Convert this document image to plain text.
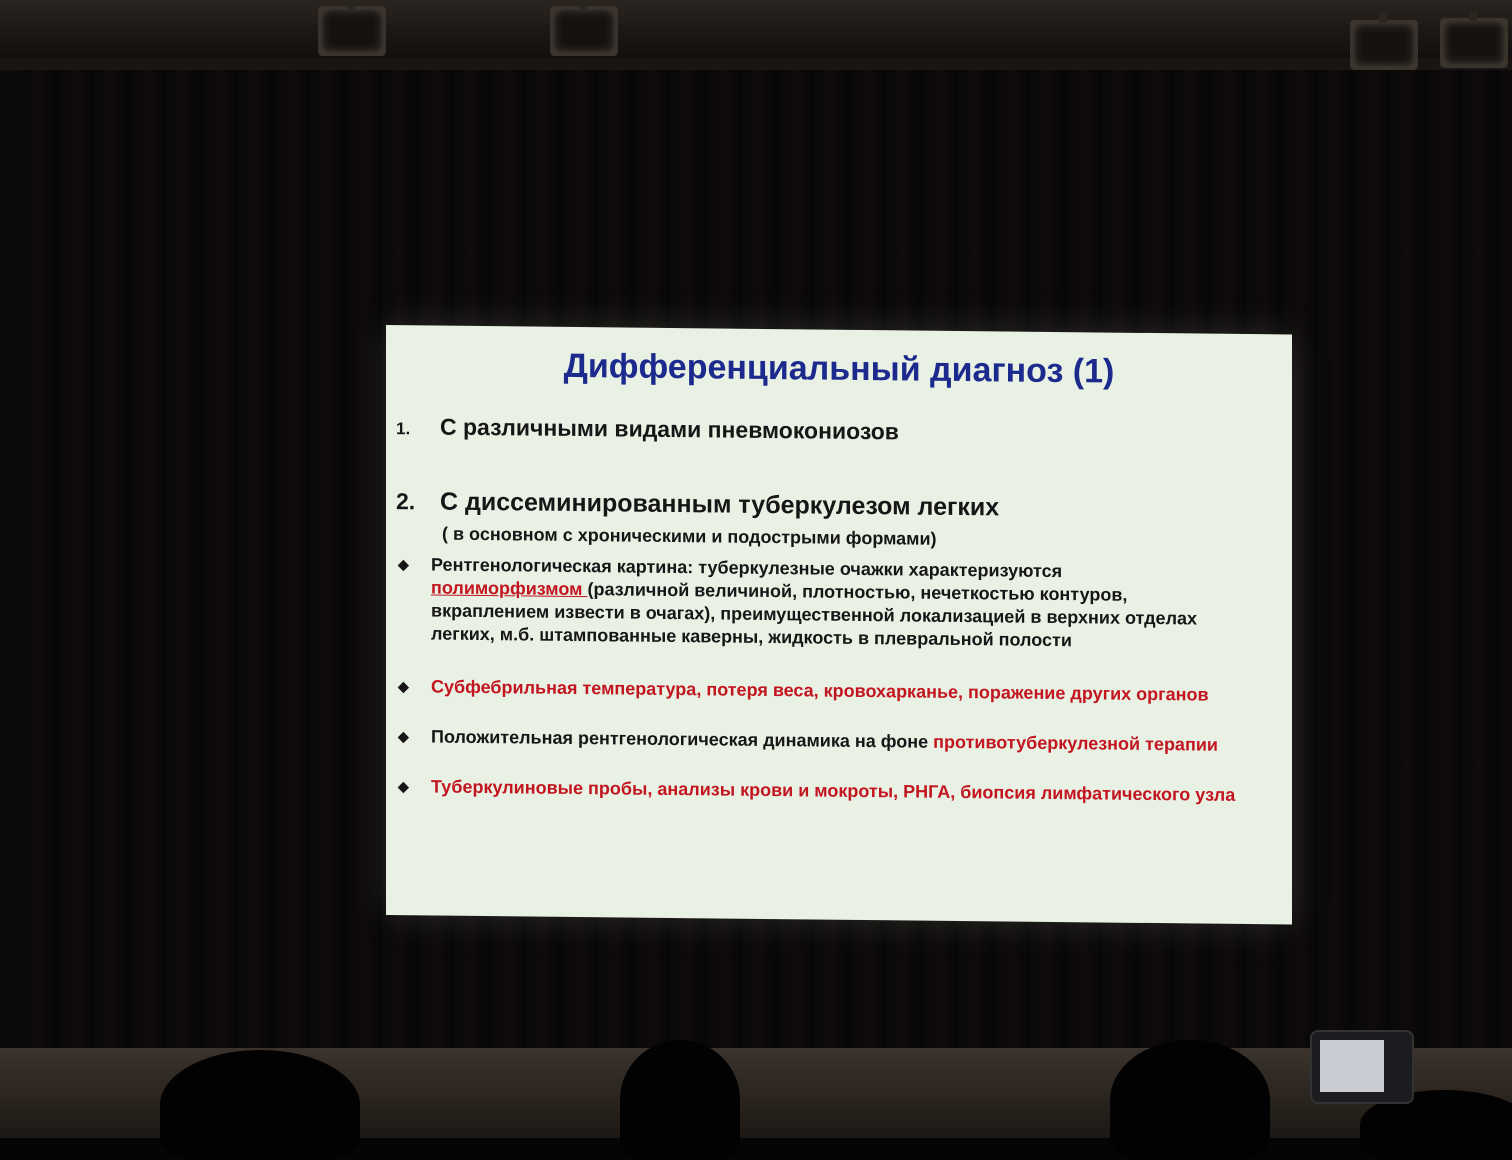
Дифференциальный диагноз (1)
1. С различными видами пневмокониозов
2. С диссеминированным туберкулезом легких
( в основном с хроническими и подострыми формами)
◆	Рентгенологическая картина: туберкулезные очажки характеризуются
полиморфизмом (различной величиной, плотностью, нечеткостью контуров, вкраплением извести в очагах), преимущественной локализацией в верхних отделах легких, м.б. штампованные каверны, жидкость в плевральной полости
◆	Субфебрильная температура, потеря веса, кровохарканье, поражение других органов
◆	Положительная рентгенологическая динамика на фоне противотуберкулезной терапии
◆	Туберкулиновые пробы, анализы крови и мокроты, РНГА, биопсия лимфатического узла
